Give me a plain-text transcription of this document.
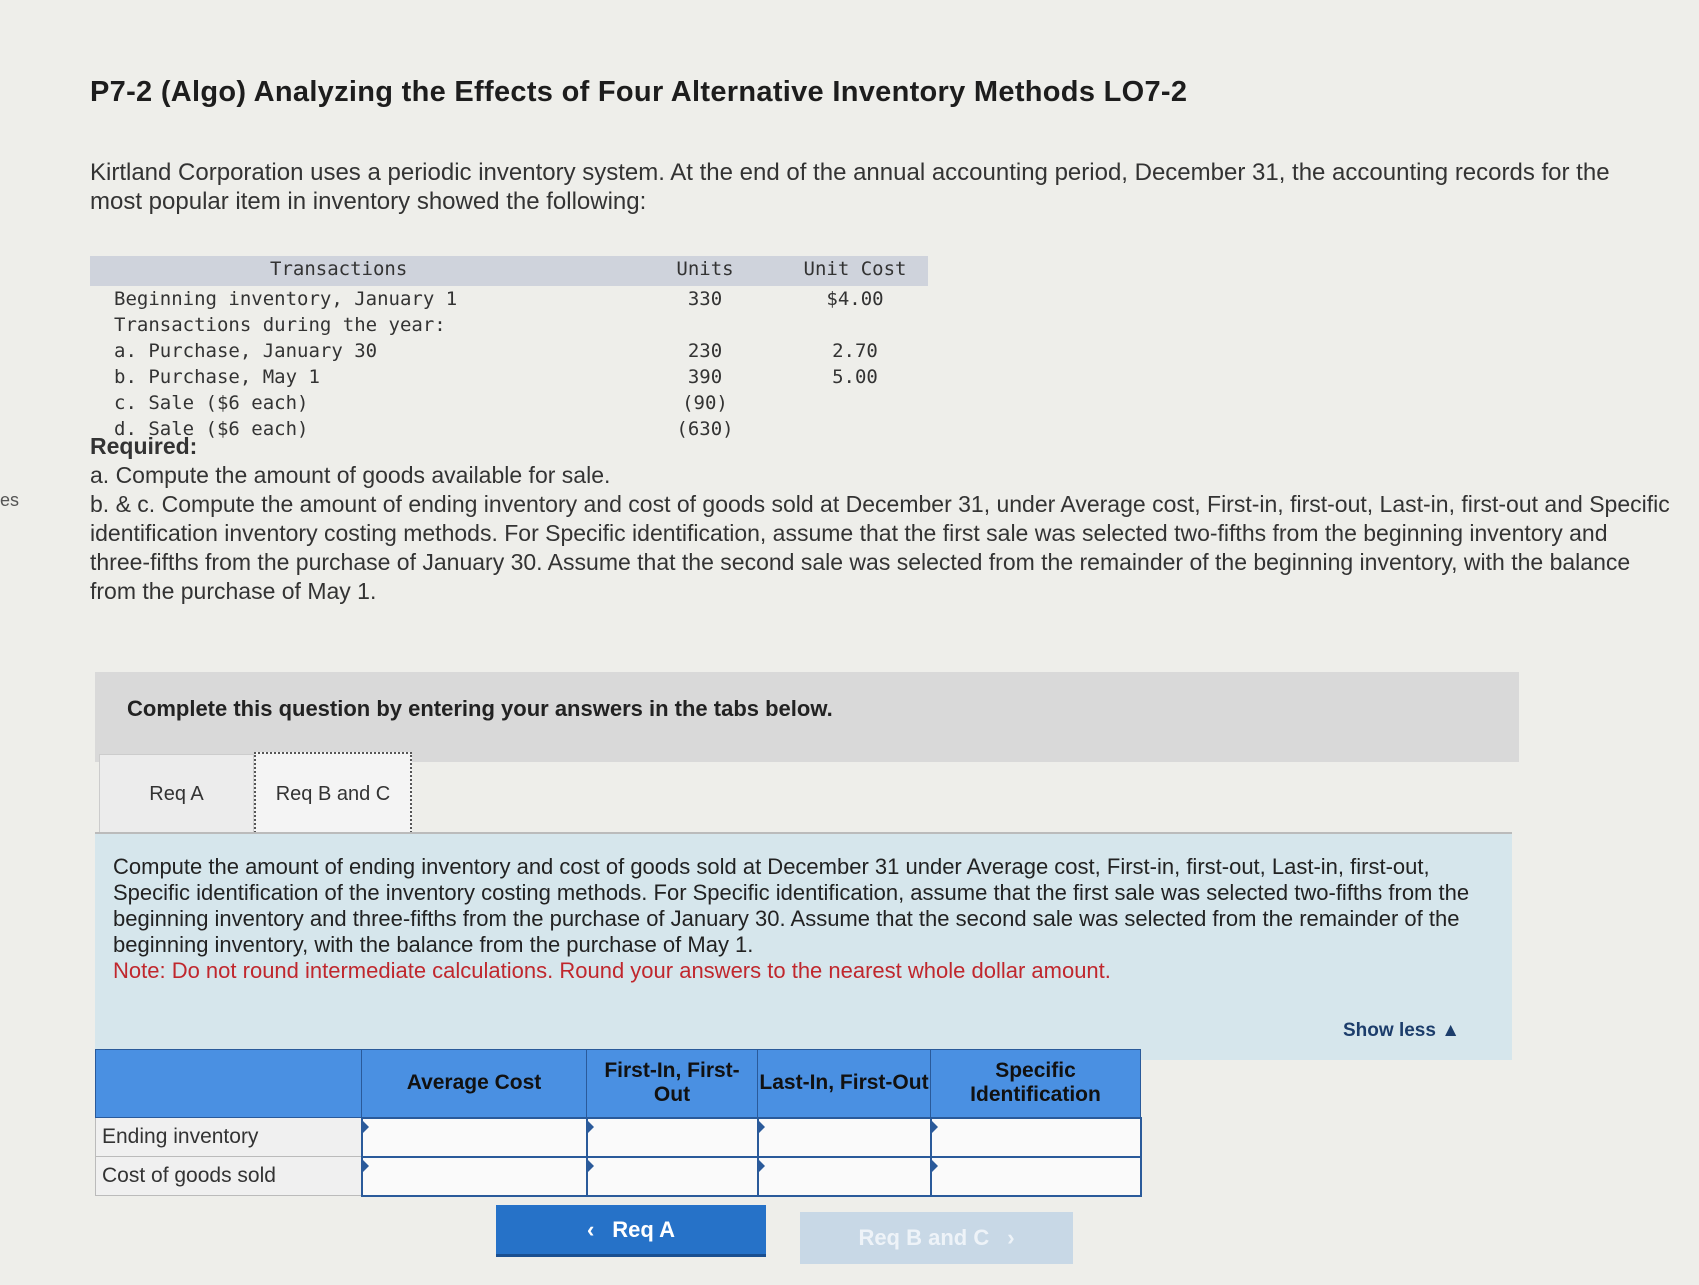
es
P7-2 (Algo) Analyzing the Effects of Four Alternative Inventory Methods LO7-2
Kirtland Corporation uses a periodic inventory system. At the end of the annual accounting period, December 31, the accounting records for the most popular item in inventory showed the following:
Transactions	Units	Unit Cost
Beginning inventory, January 1	330	$4.00
Transactions during the year:
a. Purchase, January 30	230	2.70
b. Purchase, May 1	390	5.00
c. Sale ($6 each)	(90)
d. Sale ($6 each)	(630)
Required:
a. Compute the amount of goods available for sale.
b. & c. Compute the amount of ending inventory and cost of goods sold at December 31, under Average cost, First-in, first-out, Last-in, first-out and Specific identification inventory costing methods. For Specific identification, assume that the first sale was selected two-fifths from the beginning inventory and three-fifths from the purchase of January 30. Assume that the second sale was selected from the remainder of the beginning inventory, with the balance from the purchase of May 1.
Complete this question by entering your answers in the tabs below.
Req A	Req B and C
Compute the amount of ending inventory and cost of goods sold at December 31 under Average cost, First-in, first-out, Last-in, first-out, Specific identification of the inventory costing methods. For Specific identification, assume that the first sale was selected two-fifths from the beginning inventory and three-fifths from the purchase of January 30. Assume that the second sale was selected from the remainder of the beginning inventory, with the balance from the purchase of May 1.
Note: Do not round intermediate calculations. Round your answers to the nearest whole dollar amount.
Show less ▲
	Average Cost	First-In, First-Out	Last-In, First-Out	Specific Identification
Ending inventory				
Cost of goods sold				
‹ Req A	Req B and C ›
